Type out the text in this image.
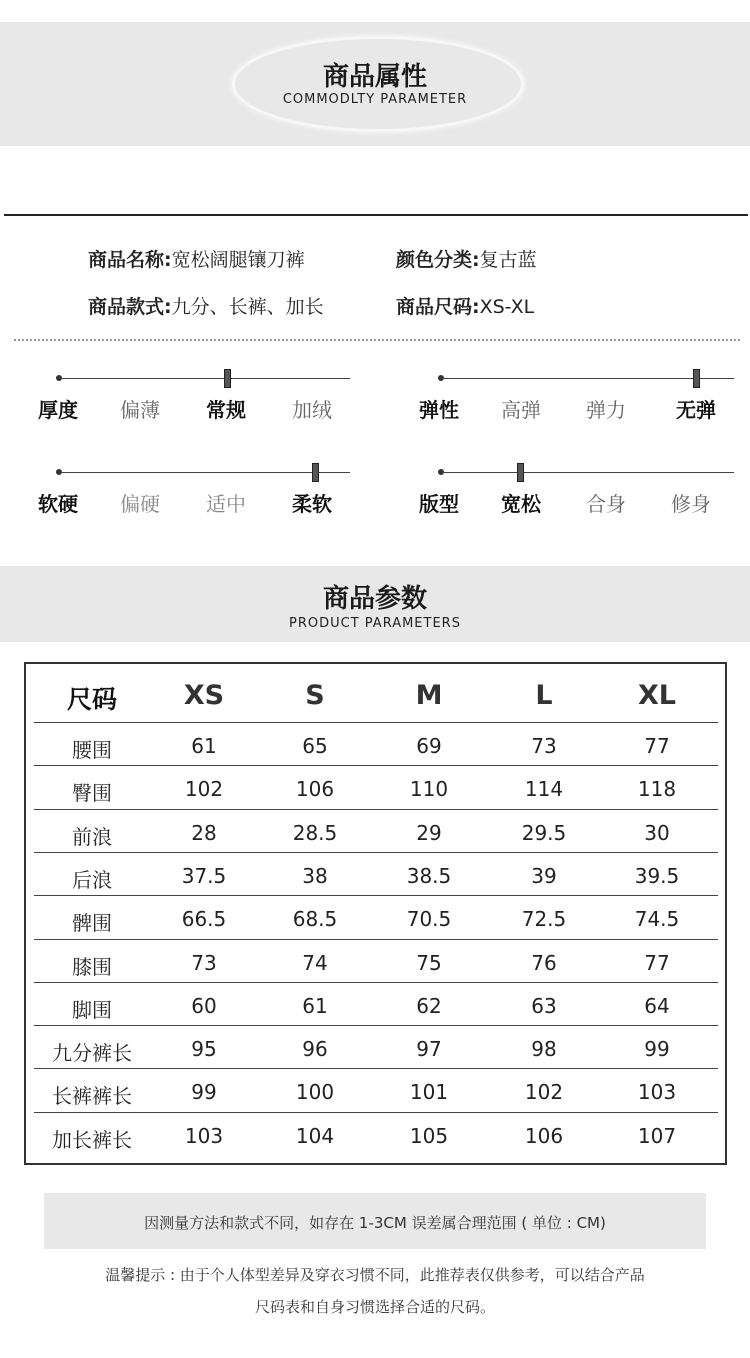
商品属性
COMMODLTY PARAMETER
商品名称:宽松阔腿镶刀裤	颜色分类:复古蓝
商品款式:九分、长裤、加长	商品尺码:XS-XL
厚度	偏薄	常规	加绒	弹性	高弹	弹力	无弹
软硬	偏硬	适中	柔软	版型	宽松	合身	修身
商品参数
PRODUCT PARAMETERS
尺码	XS	S	M	L	XL
腰围	61	65	69	73	77
臀围	102	106	110	114	118
前浪	28	28.5	29	29.5	30
后浪	37.5	38	38.5	39	39.5
髀围	66.5	68.5	70.5	72.5	74.5
膝围	73	74	75	76	77
脚围	60	61	62	63	64
九分裤长	95	96	97	98	99
长裤裤长	99	100	101	102	103
加长裤长	103	104	105	106	107
因测量方法和款式不同，如存在 1-3CM 误差属合理范围 ( 单位 : CM)
温馨提示 : 由于个人体型差异及穿衣习惯不同，此推荐表仅供参考，可以结合产品
尺码表和自身习惯选择合适的尺码。
